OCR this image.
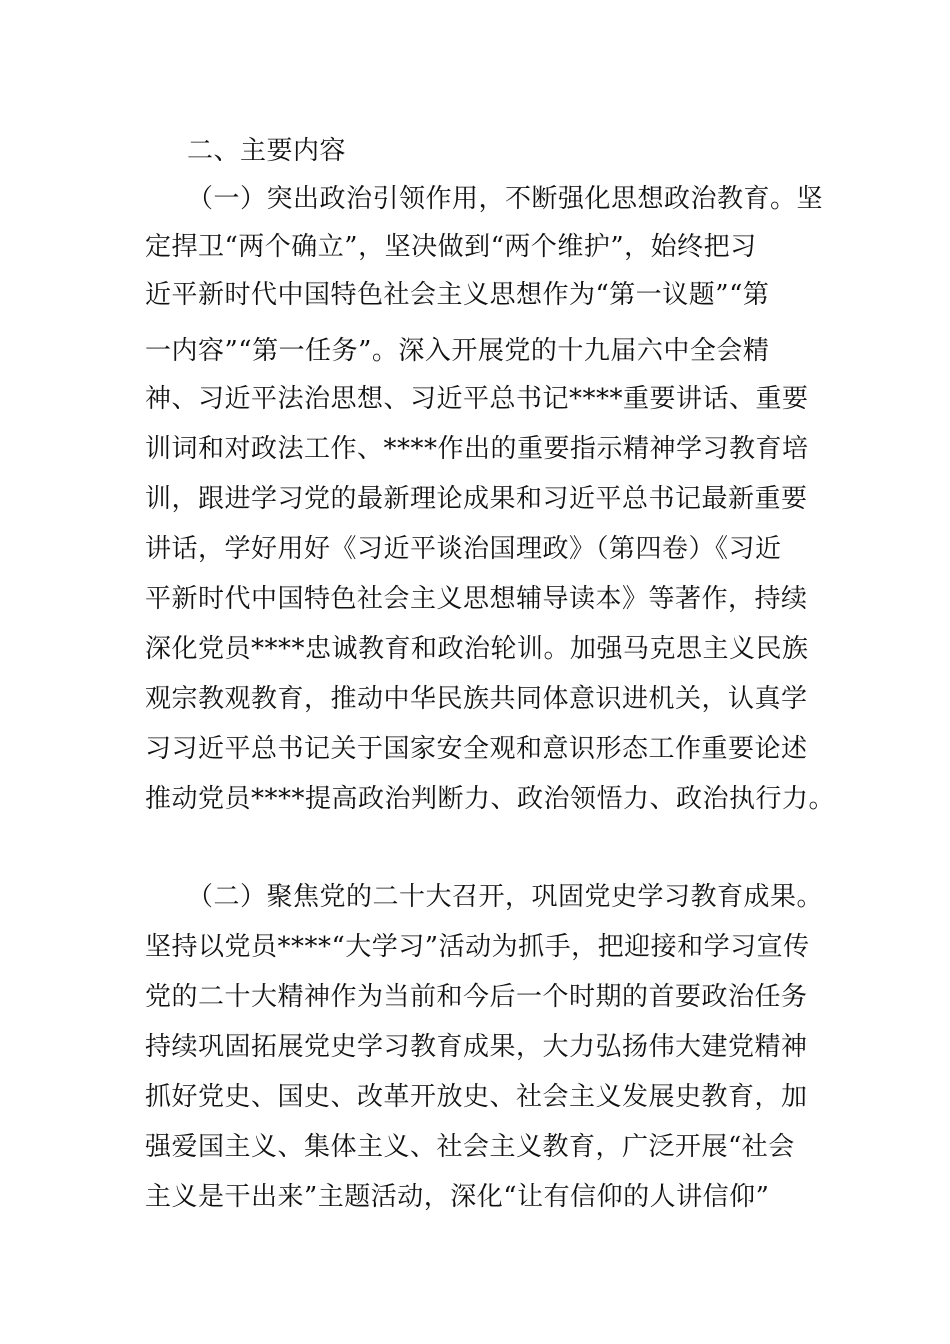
二、主要内容
（一）突出政治引领作用，不断强化思想政治教育。坚
定捍卫“两个确立”，坚决做到“两个维护”，始终把习
近平新时代中国特色社会主义思想作为“第一议题”“第
一内容”“第一任务”。深入开展党的十九届六中全会精
神、习近平法治思想、习近平总书记****重要讲话、重要
训词和对政法工作、****作出的重要指示精神学习教育培
训，跟进学习党的最新理论成果和习近平总书记最新重要
讲话，学好用好《习近平谈治国理政》（第四卷）《习近
平新时代中国特色社会主义思想辅导读本》等著作，持续
深化党员****忠诚教育和政治轮训。加强马克思主义民族
观宗教观教育，推动中华民族共同体意识进机关，认真学
习习近平总书记关于国家安全观和意识形态工作重要论述
推动党员****提高政治判断力、政治领悟力、政治执行力。
（二）聚焦党的二十大召开，巩固党史学习教育成果。
坚持以党员****“大学习”活动为抓手，把迎接和学习宣传
党的二十大精神作为当前和今后一个时期的首要政治任务
持续巩固拓展党史学习教育成果，大力弘扬伟大建党精神
抓好党史、国史、改革开放史、社会主义发展史教育，加
强爱国主义、集体主义、社会主义教育，广泛开展“社会
主义是干出来”主题活动，深化“让有信仰的人讲信仰”
